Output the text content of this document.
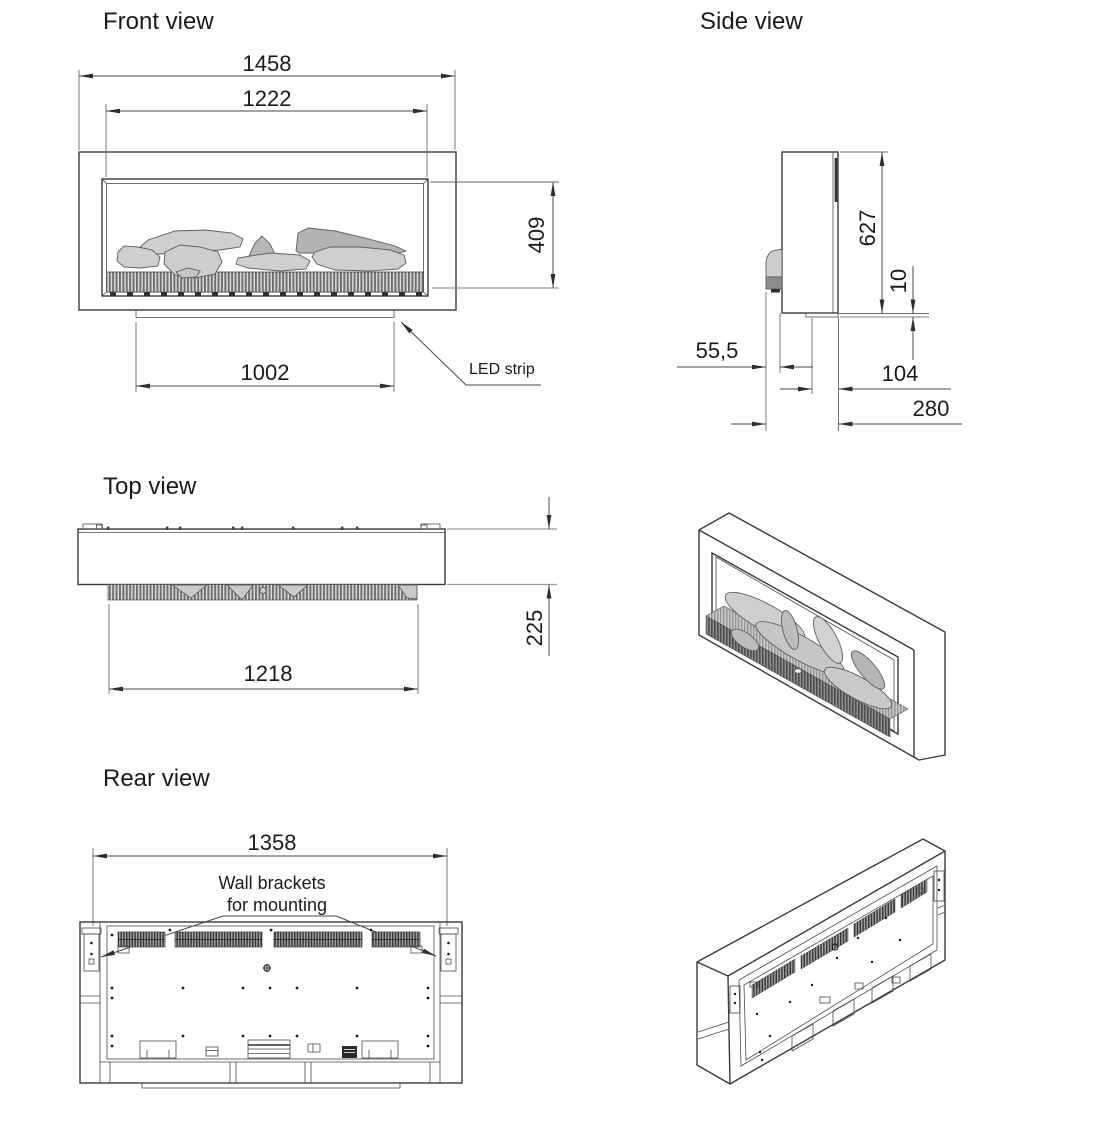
Front view
1458
1222
409
1002	LED strip
Side view
627
10
55,5
104
280
Top view
1218
225
Rear view
1358
Wall brackets
for mounting
